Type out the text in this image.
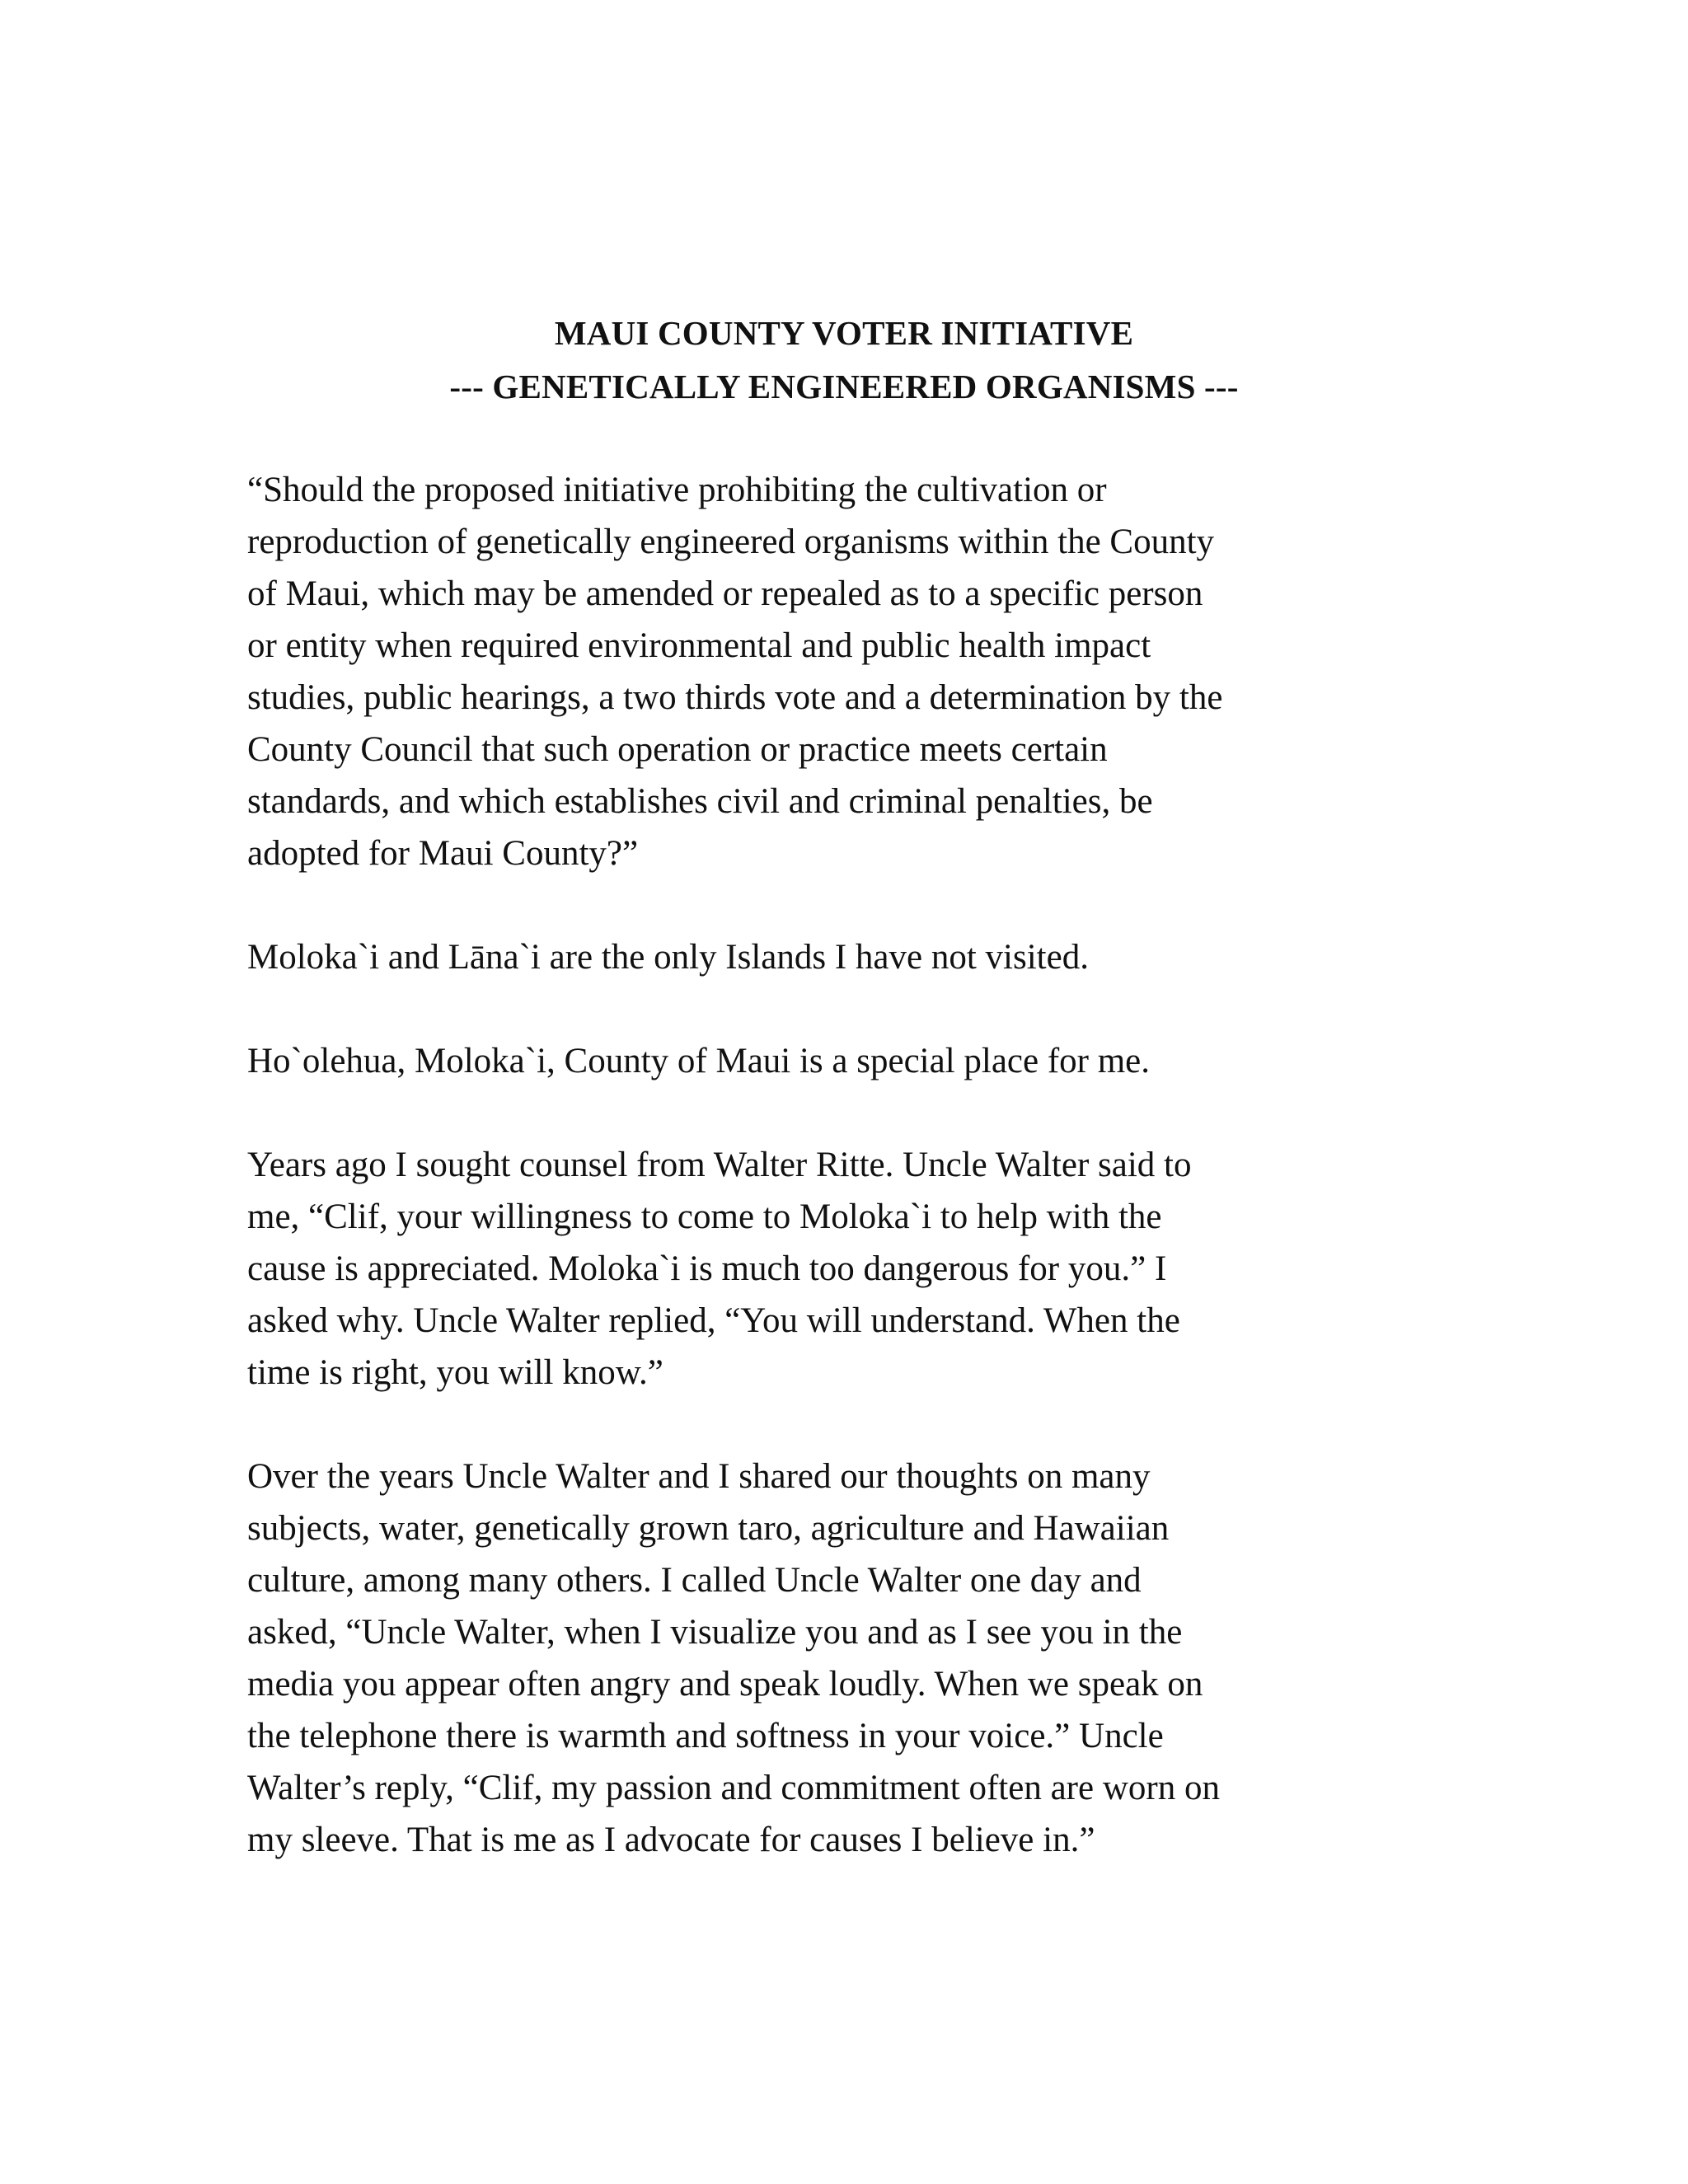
MAUI COUNTY VOTER INITIATIVE
--- GENETICALLY ENGINEERED ORGANISMS ---

“Should the proposed initiative prohibiting the cultivation or
reproduction of genetically engineered organisms within the County
of Maui, which may be amended or repealed as to a specific person
or entity when required environmental and public health impact
studies, public hearings, a two thirds vote and a determination by the
County Council that such operation or practice meets certain
standards, and which establishes civil and criminal penalties, be
adopted for Maui County?”

Moloka`i and Lāna`i are the only Islands I have not visited.

Ho`olehua, Moloka`i, County of Maui is a special place for me.

Years ago I sought counsel from Walter Ritte. Uncle Walter said to
me, “Clif, your willingness to come to Moloka`i to help with the
cause is appreciated. Moloka`i is much too dangerous for you.” I
asked why. Uncle Walter replied, “You will understand. When the
time is right, you will know.”

Over the years Uncle Walter and I shared our thoughts on many
subjects, water, genetically grown taro, agriculture and Hawaiian
culture, among many others. I called Uncle Walter one day and
asked, “Uncle Walter, when I visualize you and as I see you in the
media you appear often angry and speak loudly. When we speak on
the telephone there is warmth and softness in your voice.” Uncle
Walter’s reply, “Clif, my passion and commitment often are worn on
my sleeve. That is me as I advocate for causes I believe in.”
